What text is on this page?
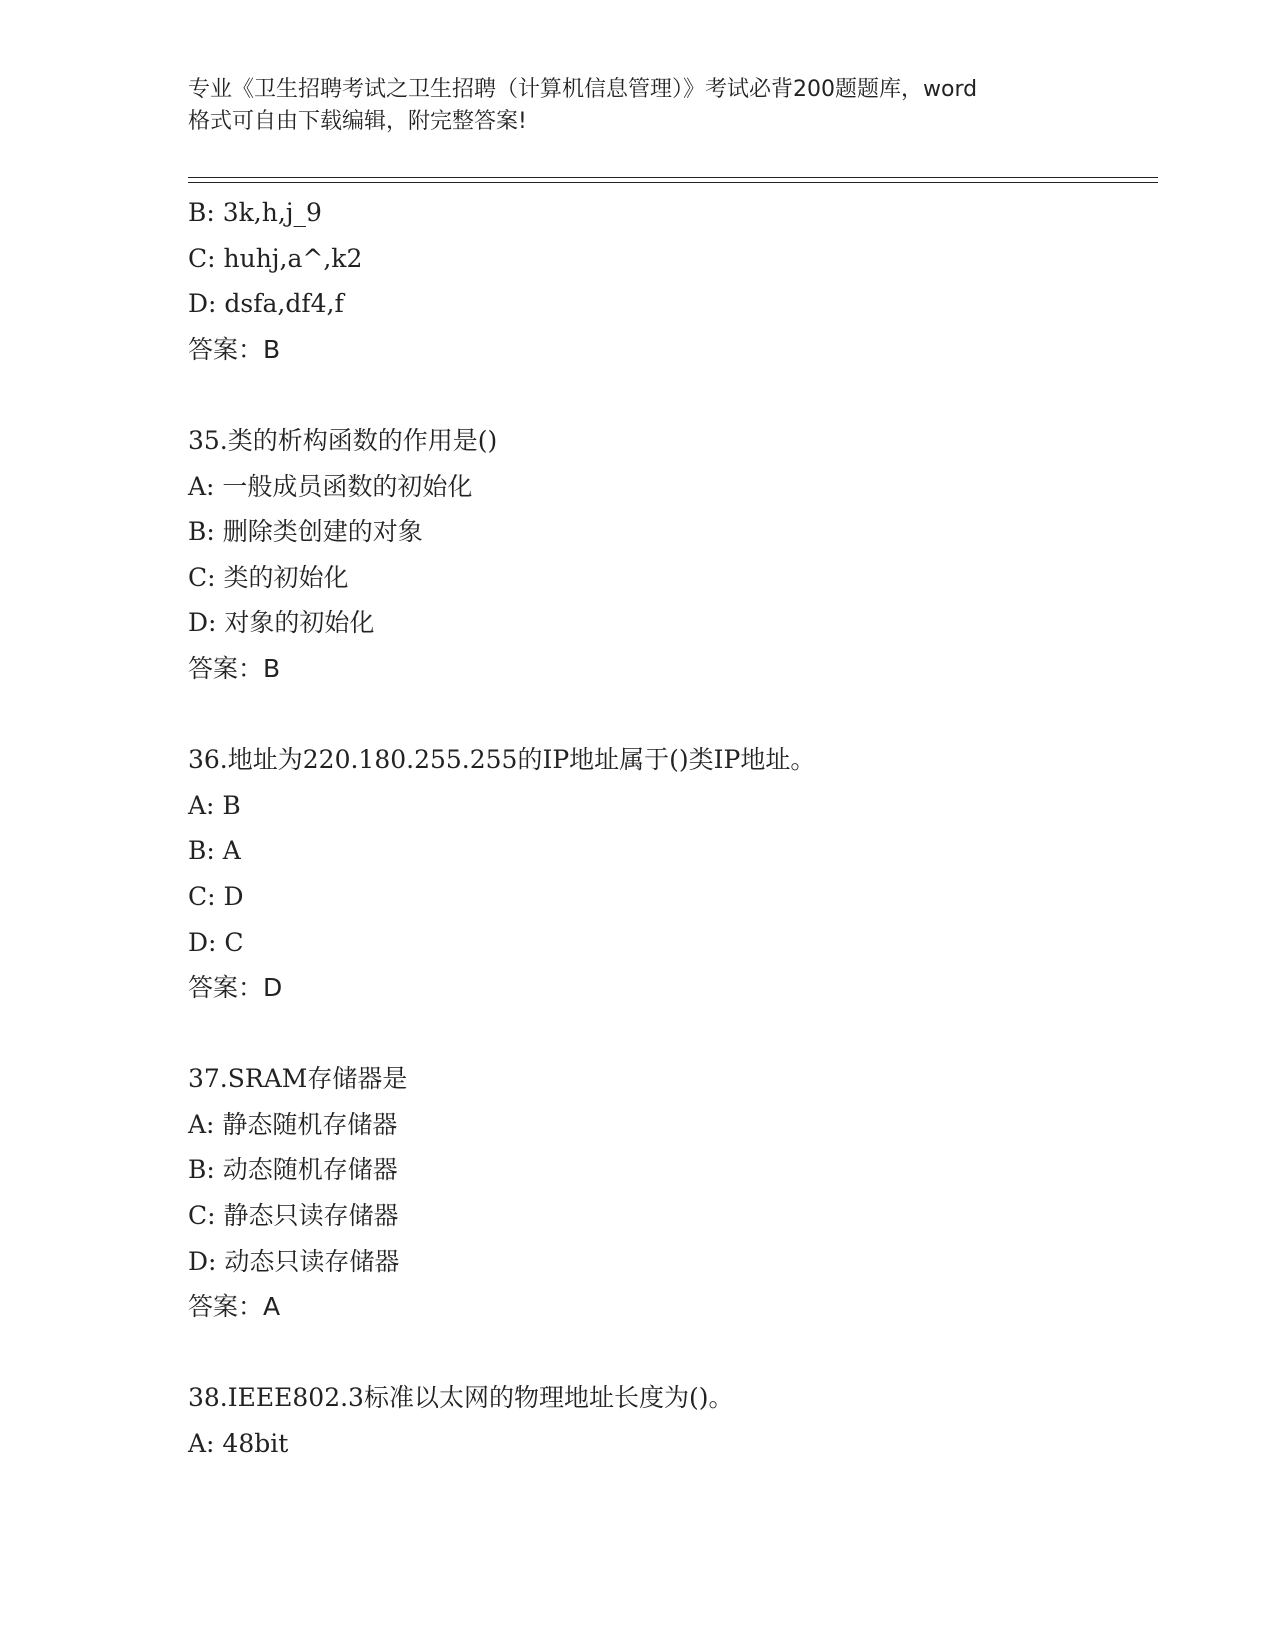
专业《卫生招聘考试之卫生招聘（计算机信息管理）》考试必背200题题库，word
格式可自由下载编辑，附完整答案!
B: 3k,h,j_9
C: huhj,a^,k2
D: dsfa,df4,f
答案：B
35.类的析构函数的作用是()
A: 一般成员函数的初始化
B: 删除类创建的对象
C: 类的初始化
D: 对象的初始化
答案：B
36.地址为220.180.255.255的IP地址属于()类IP地址。
A: B
B: A
C: D
D: C
答案：D
37.SRAM存储器是
A: 静态随机存储器
B: 动态随机存储器
C: 静态只读存储器
D: 动态只读存储器
答案：A
38.IEEE802.3标准以太网的物理地址长度为()。
A: 48bit
